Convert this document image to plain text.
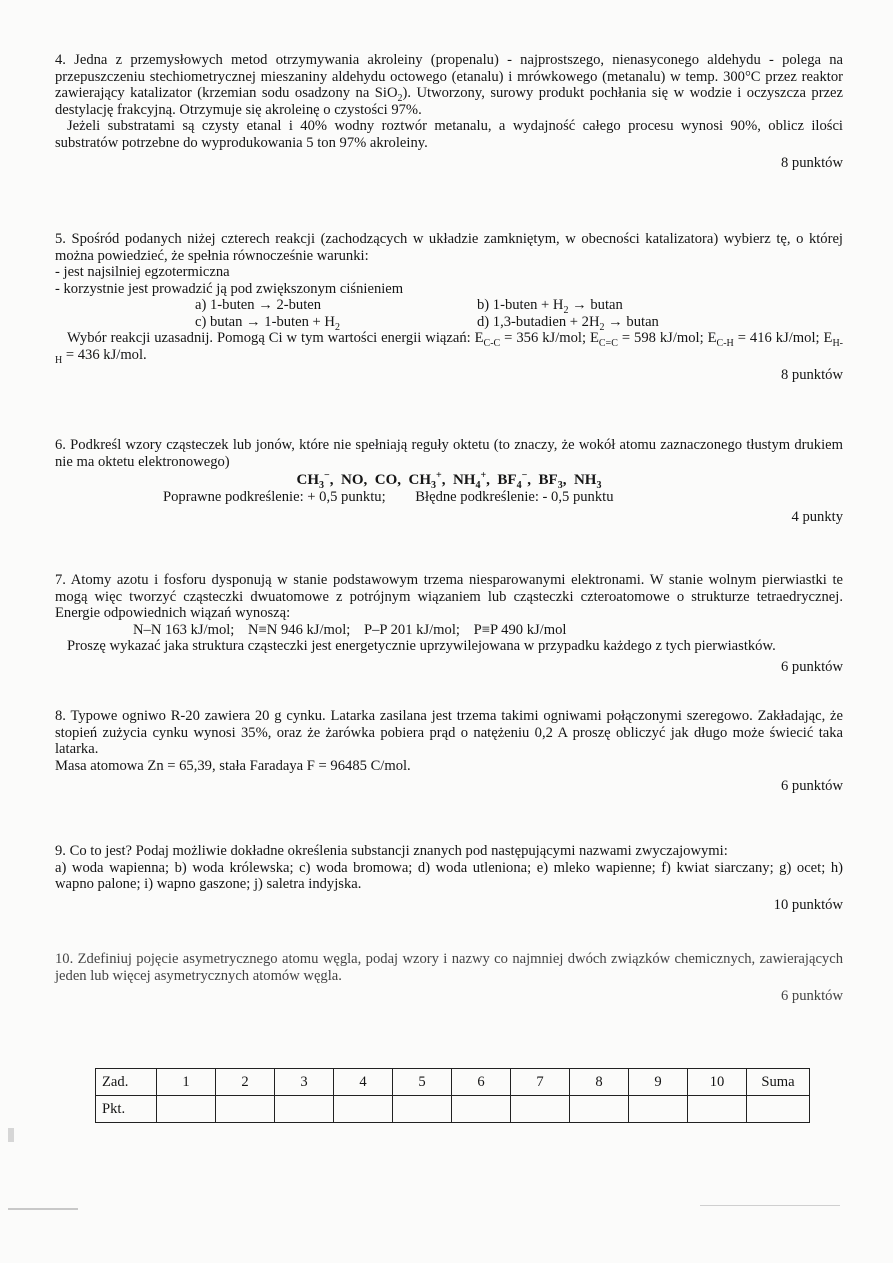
4. Jedna z przemysłowych metod otrzymywania akroleiny (propenalu) - najprostszego, nienasyconego aldehydu - polega na przepuszczeniu stechiometrycznej mieszaniny aldehydu octowego (etanalu) i mrówkowego (metanalu) w temp. 300°C przez reaktor zawierający katalizator (krzemian sodu osadzony na SiO$_2$). Utworzony, surowy produkt pochłania się w wodzie i oczyszcza przez destylację frakcyjną. Otrzymuje się akroleinę o czystości 97%.

Jeżeli substratami są czysty etanal i 40% wodny roztwór metanalu, a wydajność całego procesu wynosi 90%, oblicz ilości substratów potrzebne do wyprodukowania 5 ton 97% akroleiny.

8 punktów

5. Spośród podanych niżej czterech reakcji (zachodzących w układzie zamkniętym, w obecności katalizatora) wybierz tę, o której można powiedzieć, że spełnia równocześnie warunki:

- jest najsilniej egzotermiczna

- korzystnie jest prowadzić ją pod zwiększonym ciśnieniem

a) 1-buten → 2-buten	b) 1-buten + $H_2 \to butan$
c) butan → 1-buten + $H_2$	d) 1,3-butadien + $2H_2 \to butan$

Wybór reakcji uzasadnij. Pomogą Ci w tym wartości energii wiązań: $E_{C-C} = 356$ kJ/mol; $E_{C=C} = 598$ kJ/mol; $E_{C-H} = 416$ kJ/mol; $E_{H-H} = 436$ kJ/mol.

8 punktów

6. Podkreśl wzory cząsteczek lub jonów, które nie spełniają reguły oktetu (to znaczy, że wokół atomu zaznaczonego tłustym drukiem nie ma oktetu elektronowego)

$CH_3^-$,  NO,  CO,  $CH_3^+$,  $NH_4^+$,  $BF_4^-$,  $BF_3$,  $NH_3$

Poprawne podkreślenie: + 0,5 punktu; Błędne podkreślenie: - 0,5 punktu

4 punkty

7. Atomy azotu i fosforu dysponują w stanie podstawowym trzema niesparowanymi elektronami. W stanie wolnym pierwiastki te mogą więc tworzyć cząsteczki dwuatomowe z potrójnym wiązaniem lub cząsteczki czteroatomowe o strukturze tetraedrycznej. Energie odpowiednich wiązań wynoszą:

N–N 163 kJ/mol; N≡N 946 kJ/mol; P–P 201 kJ/mol; P≡P 490 kJ/mol

Proszę wykazać jaka struktura cząsteczki jest energetycznie uprzywilejowana w przypadku każdego z tych pierwiastków.

6 punktów

8. Typowe ogniwo R-20 zawiera 20 g cynku. Latarka zasilana jest trzema takimi ogniwami połączonymi szeregowo. Zakładając, że stopień zużycia cynku wynosi 35%, oraz że żarówka pobiera prąd o natężeniu 0,2 A proszę obliczyć jak długo może świecić taka latarka.

Masa atomowa Zn = 65,39, stała Faradaya F = 96485 C/mol.

6 punktów

9. Co to jest? Podaj możliwie dokładne określenia substancji znanych pod następującymi nazwami zwyczajowymi:

a) woda wapienna; b) woda królewska; c) woda bromowa; d) woda utleniona; e) mleko wapienne; f) kwiat siarczany; g) ocet; h) wapno palone; i) wapno gaszone; j) saletra indyjska.

10 punktów

10. Zdefiniuj pojęcie asymetrycznego atomu węgla, podaj wzory i nazwy co najmniej dwóch związków chemicznych, zawierających jeden lub więcej asymetrycznych atomów węgla.

6 punktów

Zad.	1	2	3	4	5	6	7	8	9	10	Suma
Pkt.											
